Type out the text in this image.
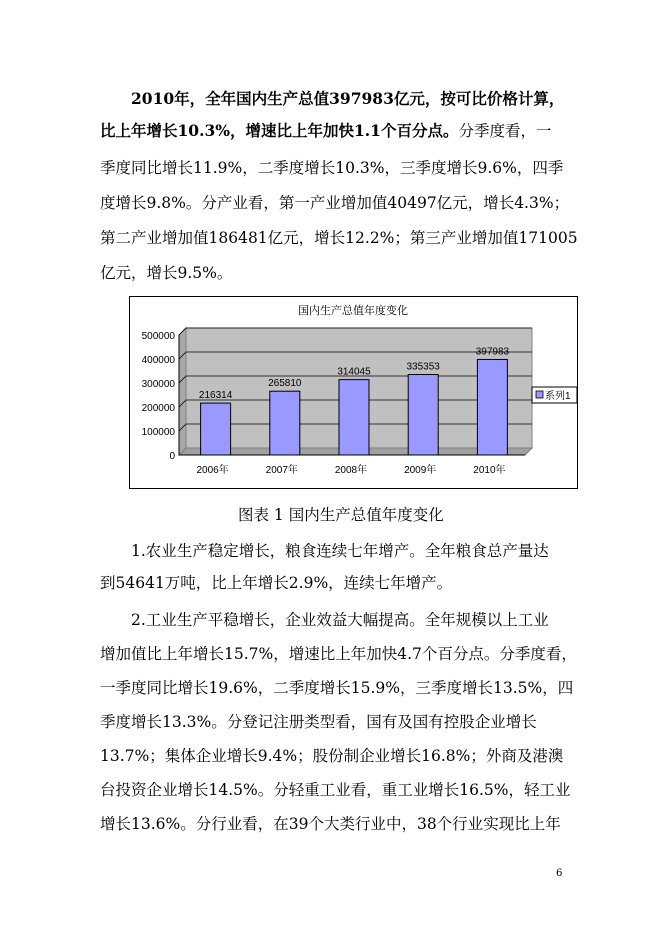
2010年，全年国内生产总值397983亿元，按可比价格计算，
比上年增长10.3%，增速比上年加快1.1个百分点。分季度看，一
季度同比增长11.9%，二季度增长10.3%，三季度增长9.6%，四季
度增长9.8%。分产业看，第一产业增加值40497亿元，增长4.3%；
第二产业增加值186481亿元，增长12.2%；第三产业增加值171005
亿元，增长9.5%。
国内生产总值年度变化
0
100000
200000
300000
400000
500000
216314
2006年
265810
2007年
314045
2008年
335353
2009年
397983
2010年
系列1
图表 1 国内生产总值年度变化
1.农业生产稳定增长，粮食连续七年增产。全年粮食总产量达
到54641万吨，比上年增长2.9%，连续七年增产。
2.工业生产平稳增长，企业效益大幅提高。全年规模以上工业
增加值比上年增长15.7%，增速比上年加快4.7个百分点。分季度看，
一季度同比增长19.6%，二季度增长15.9%，三季度增长13.5%，四
季度增长13.3%。分登记注册类型看，国有及国有控股企业增长
13.7%；集体企业增长9.4%；股份制企业增长16.8%；外商及港澳
台投资企业增长14.5%。分轻重工业看，重工业增长16.5%，轻工业
增长13.6%。分行业看，在39个大类行业中，38个行业实现比上年
6
